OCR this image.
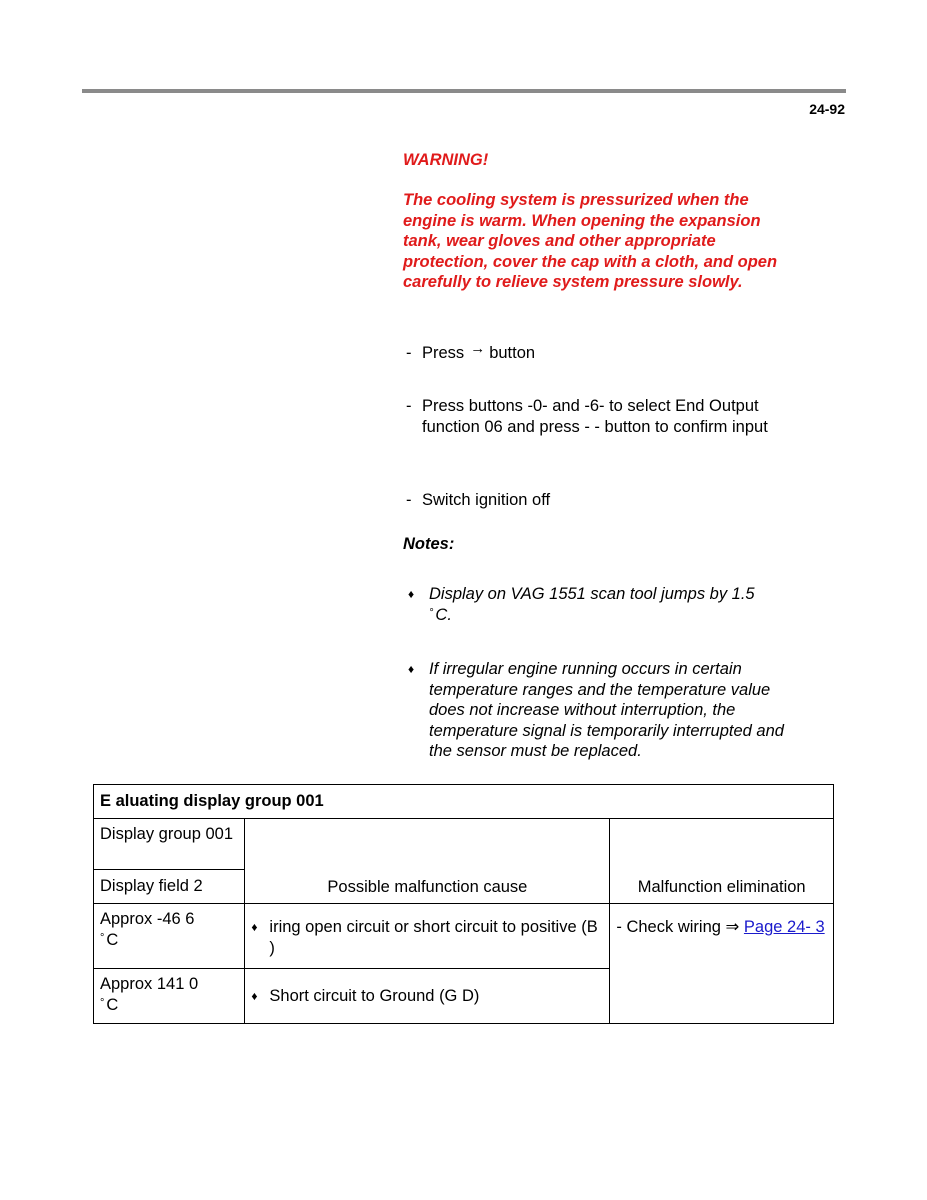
24-92
WARNING!
The cooling system is pressurized when the engine is warm. When opening the expansion tank, wear gloves and other appropriate protection, cover the cap with a cloth, and open carefully to relieve system pressure slowly.
- Press → button
- Press buttons -0- and -6- to select End Output function 06 and press - - button to confirm input
- Switch ignition off
Notes:
♦ Display on VAG 1551 scan tool jumps by 1.5
° C.
♦ If irregular engine running occurs in certain temperature ranges and the temperature value does not increase without interruption, the temperature signal is temporarily interrupted and the sensor must be replaced.
E aluating display group 001		
Display group 001	Possible malfunction cause	Malfunction elimination
Display field 2		
Approx -46 6
° C	♦ iring open circuit or short circuit to positive (B )	- Check wiring ⇒ Page 24- 3
Approx 141 0
° C	♦ Short circuit to Ground (G D)	
